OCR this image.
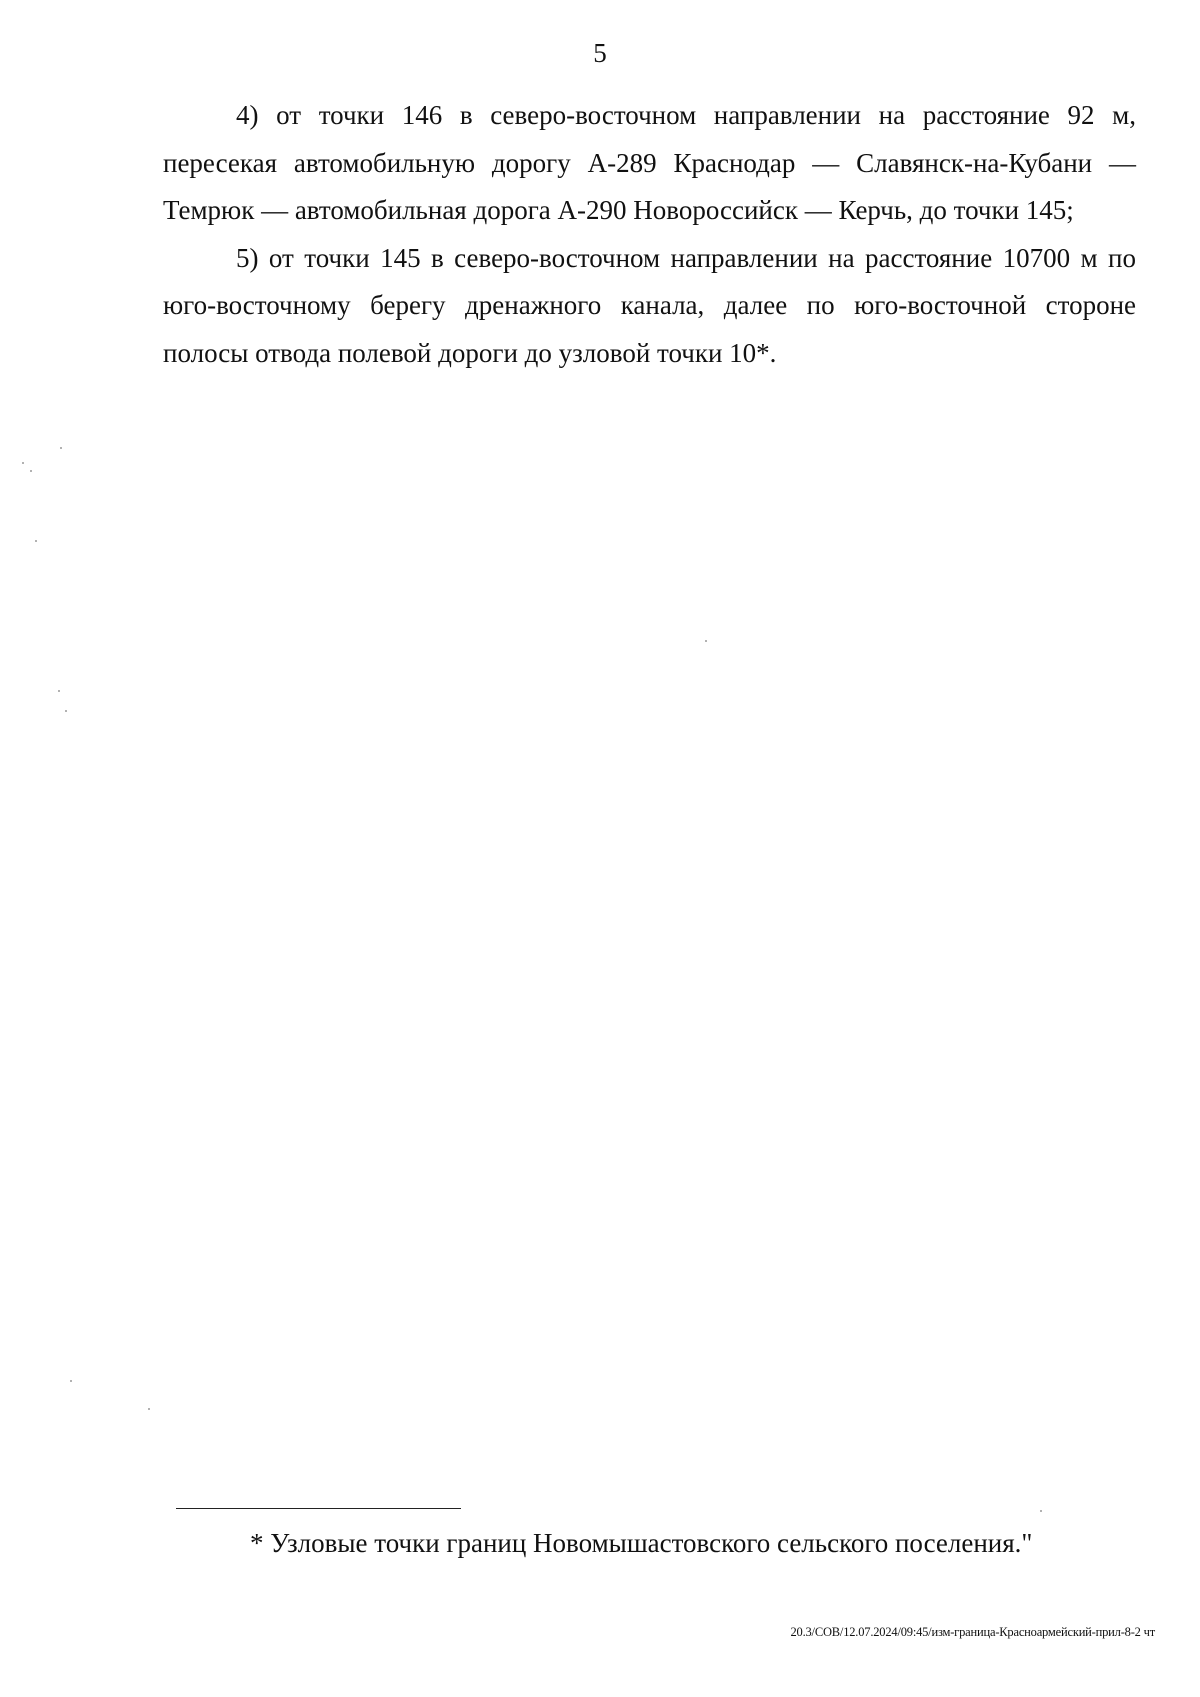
5

4) от точки 146 в северо-восточном направлении на расстояние 92 м, пересекая автомобильную дорогу А-289 Краснодар — Славянск-на-Кубани — Темрюк — автомобильная дорога А-290 Новороссийск — Керчь, до точки 145;

5) от точки 145 в северо-восточном направлении на расстояние 10700 м по юго-восточному берегу дренажного канала, далее по юго-восточной стороне полосы отвода полевой дороги до узловой точки 10*.

* Узловые точки границ Новомышастовского сельского поселения."
20.3/СОВ/12.07.2024/09:45/изм-граница-Красноармейский-прил-8-2 чт
